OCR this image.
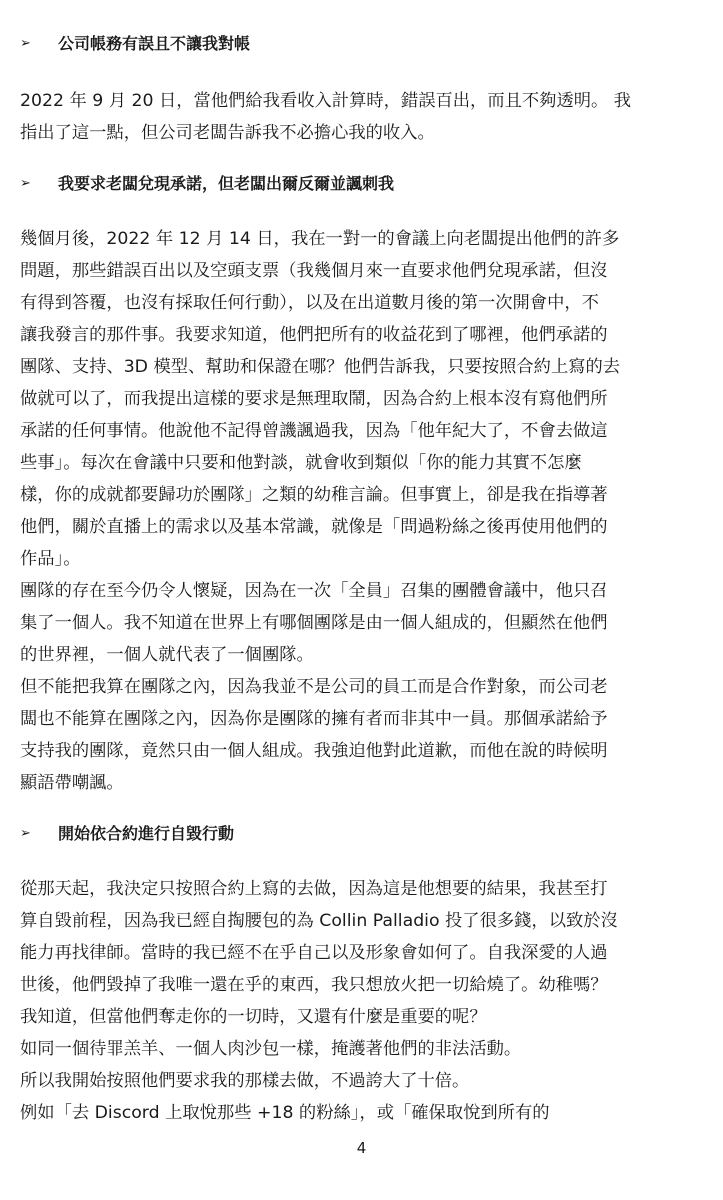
➢	公司帳務有誤且不讓我對帳

2022 年 9 月 20 日，當他們給我看收入計算時，錯誤百出，而且不夠透明。 我
指出了這一點，但公司老闆告訴我不必擔心我的收入。

➢	我要求老闆兌現承諾，但老闆出爾反爾並諷刺我

幾個月後，2022 年 12 月 14 日，我在一對一的會議上向老闆提出他們的許多
問題，那些錯誤百出以及空頭支票（我幾個月來一直要求他們兌現承諾，但沒
有得到答覆，也沒有採取任何行動），以及在出道數月後的第一次開會中，不
讓我發言的那件事。我要求知道，他們把所有的收益花到了哪裡，他們承諾的
團隊、支持、3D 模型、幫助和保證在哪？他們告訴我，只要按照合約上寫的去
做就可以了，而我提出這樣的要求是無理取鬧，因為合約上根本沒有寫他們所
承諾的任何事情。他說他不記得曾譏諷過我，因為「他年紀大了，不會去做這
些事」。每次在會議中只要和他對談，就會收到類似「你的能力其實不怎麼
樣，你的成就都要歸功於團隊」之類的幼稚言論。但事實上，卻是我在指導著
他們，關於直播上的需求以及基本常識，就像是「問過粉絲之後再使用他們的
作品」。

團隊的存在至今仍令人懷疑，因為在一次「全員」召集的團體會議中，他只召
集了一個人。我不知道在世界上有哪個團隊是由一個人組成的，但顯然在他們
的世界裡，一個人就代表了一個團隊。

但不能把我算在團隊之內，因為我並不是公司的員工而是合作對象，而公司老
闆也不能算在團隊之內，因為你是團隊的擁有者而非其中一員。那個承諾給予
支持我的團隊，竟然只由一個人組成。我強迫他對此道歉，而他在說的時候明
顯語帶嘲諷。

➢	開始依合約進行自毀行動

從那天起，我決定只按照合約上寫的去做，因為這是他想要的結果，我甚至打
算自毀前程，因為我已經自掏腰包的為 Collin Palladio 投了很多錢，以致於沒
能力再找律師。當時的我已經不在乎自己以及形象會如何了。自我深愛的人過
世後，他們毀掉了我唯一還在乎的東西，我只想放火把一切給燒了。幼稚嗎？
我知道，但當他們奪走你的一切時，又還有什麼是重要的呢？

如同一個待罪羔羊、一個人肉沙包一樣，掩護著他們的非法活動。

所以我開始按照他們要求我的那樣去做，不過誇大了十倍。

例如「去 Discord 上取悅那些 +18 的粉絲」，或「確保取悅到所有的

4
